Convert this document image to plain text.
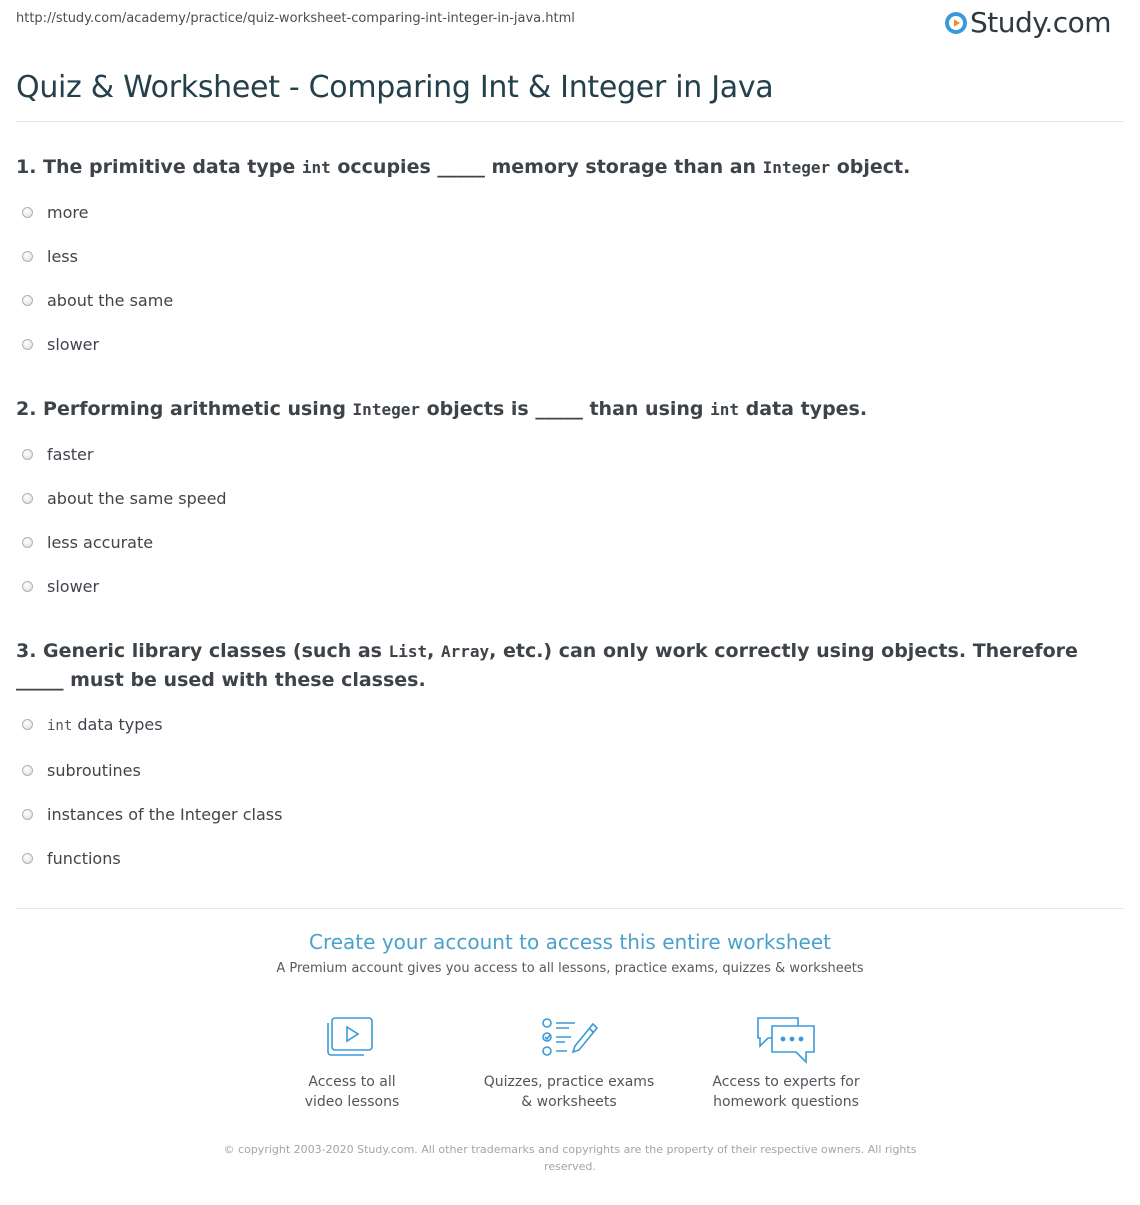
http://study.com/academy/practice/quiz-worksheet-comparing-int-integer-in-java.html	Study.com
Quiz & Worksheet - Comparing Int & Integer in Java

1. The primitive data type int occupies _____ memory storage than an Integer object.

more
less
about the same
slower

2. Performing arithmetic using Integer objects is _____ than using int data types.

faster
about the same speed
less accurate
slower

3. Generic library classes (such as List, Array, etc.) can only work correctly using objects. Therefore _____ must be used with these classes.

int data types
subroutines
instances of the Integer class
functions
Create your account to access this entire worksheet
A Premium account gives you access to all lessons, practice exams, quizzes & worksheets
Access to all
video lessons
Quizzes, practice exams
& worksheets
Access to experts for
homework questions
© copyright 2003-2020 Study.com. All other trademarks and copyrights are the property of their respective owners. All rights reserved.
